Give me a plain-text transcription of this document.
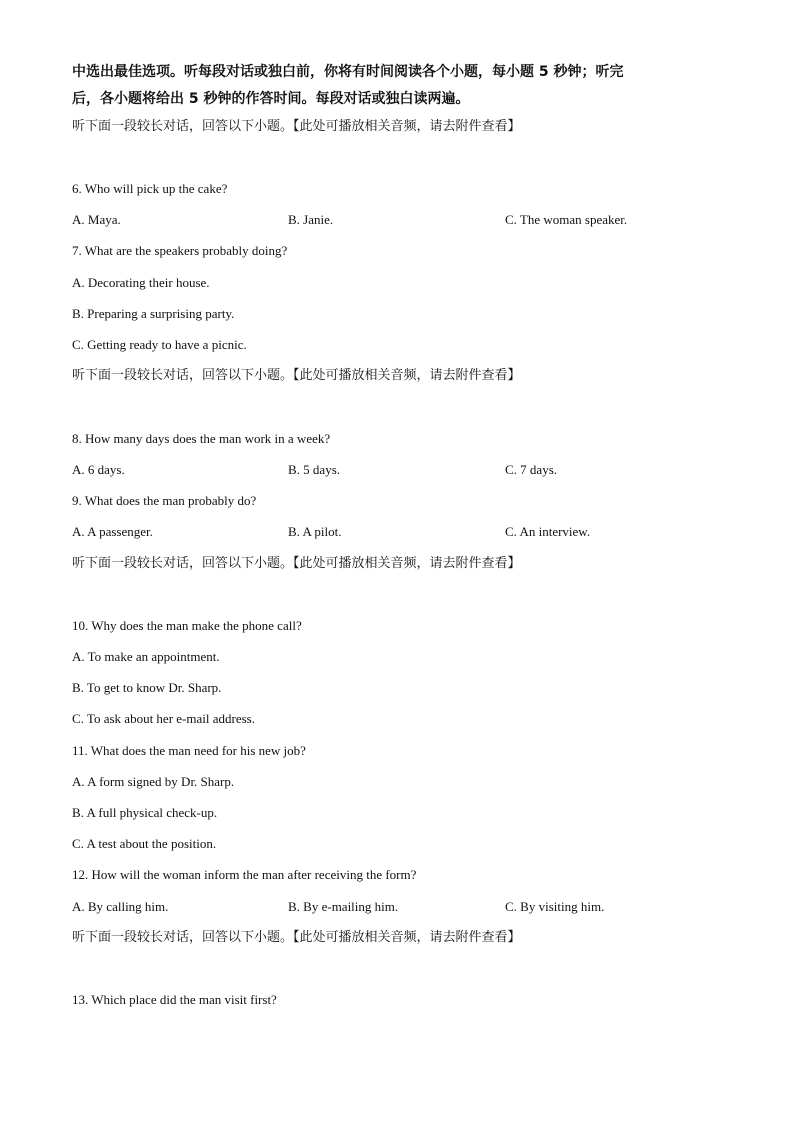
中选出最佳选项。听每段对话或独白前，你将有时间阅读各个小题，每小题 5 秒钟；听完
后，各小题将给出 5 秒钟的作答时间。每段对话或独白读两遍。
听下面一段较长对话，回答以下小题。【此处可播放相关音频，请去附件查看】
6. Who will pick up the cake?
A. Maya.	B. Janie.	C. The woman speaker.
7. What are the speakers probably doing?
A. Decorating their house.
B. Preparing a surprising party.
C. Getting ready to have a picnic.
听下面一段较长对话，回答以下小题。【此处可播放相关音频，请去附件查看】
8. How many days does the man work in a week?
A. 6 days.	B. 5 days.	C. 7 days.
9. What does the man probably do?
A. A passenger.	B. A pilot.	C. An interview.
听下面一段较长对话，回答以下小题。【此处可播放相关音频，请去附件查看】
10. Why does the man make the phone call?
A. To make an appointment.
B. To get to know Dr. Sharp.
C. To ask about her e-mail address.
11. What does the man need for his new job?
A. A form signed by Dr. Sharp.
B. A full physical check-up.
C. A test about the position.
12. How will the woman inform the man after receiving the form?
A. By calling him.	B. By e-mailing him.	C. By visiting him.
听下面一段较长对话，回答以下小题。【此处可播放相关音频，请去附件查看】
13. Which place did the man visit first?
